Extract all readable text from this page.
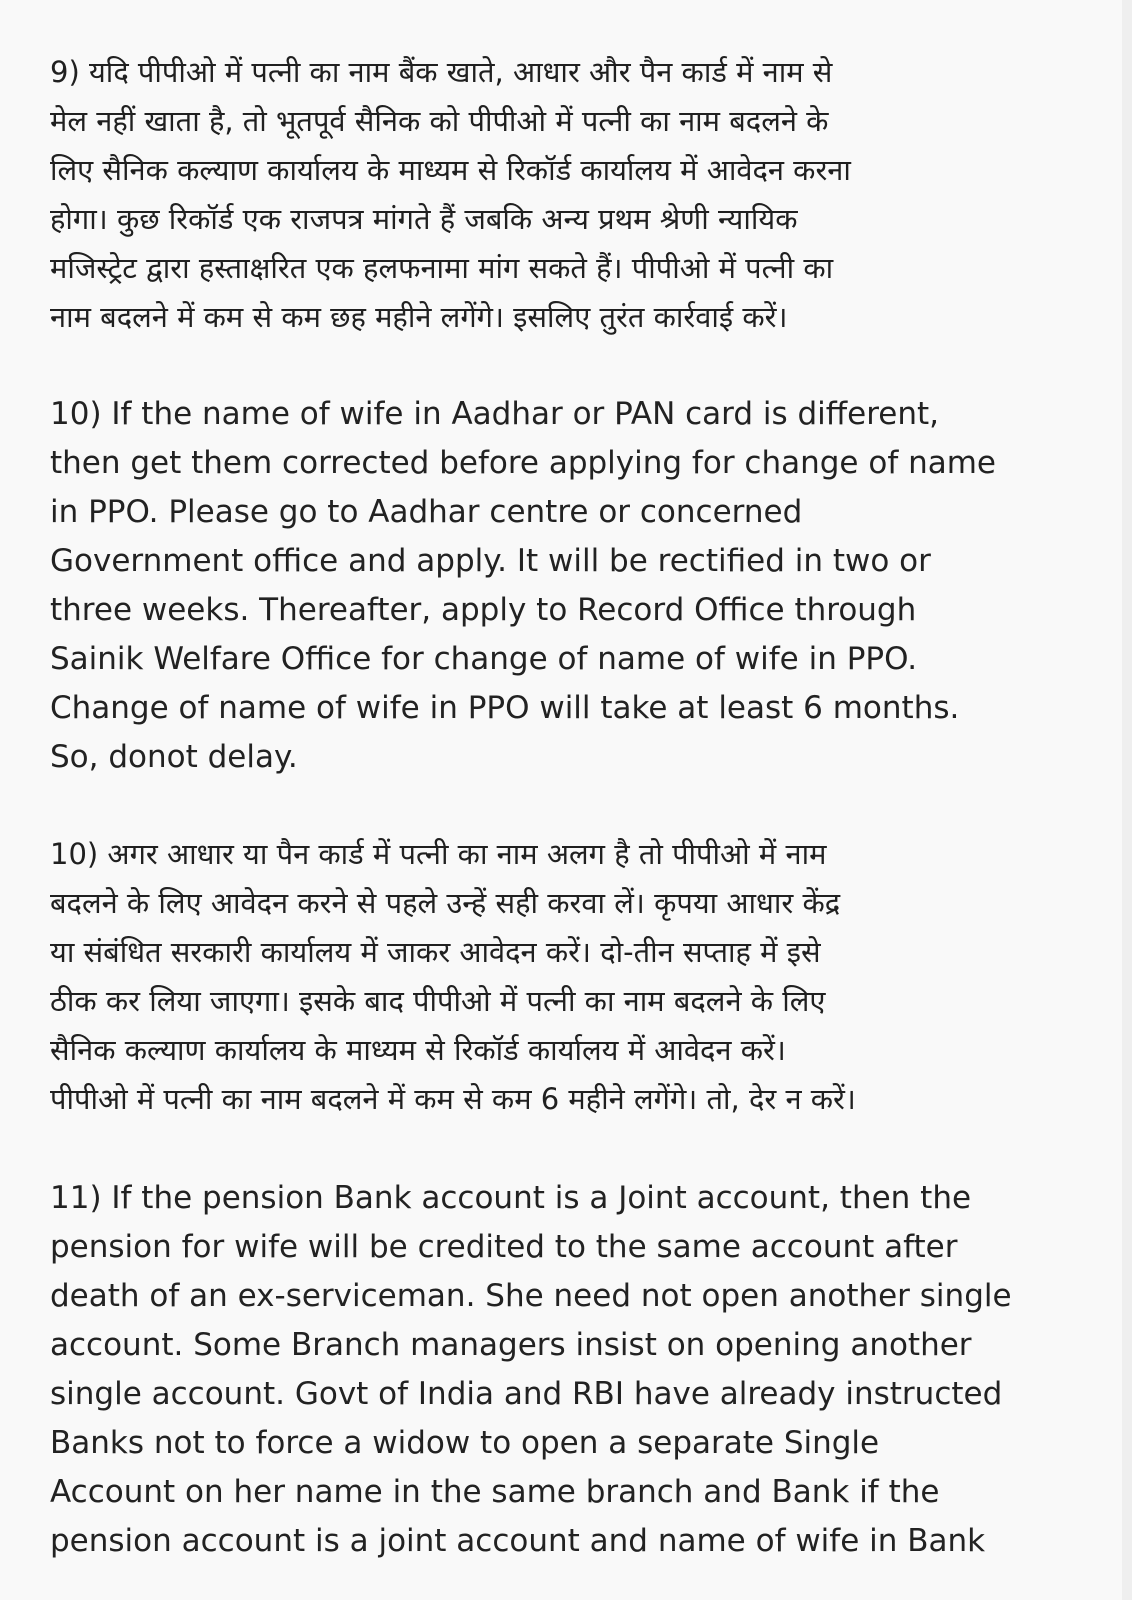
9) यदि पीपीओ में पत्नी का नाम बैंक खाते, आधार और पैन कार्ड में नाम से
मेल नहीं खाता है, तो भूतपूर्व सैनिक को पीपीओ में पत्नी का नाम बदलने के
लिए सैनिक कल्याण कार्यालय के माध्यम से रिकॉर्ड कार्यालय में आवेदन करना
होगा। कुछ रिकॉर्ड एक राजपत्र मांगते हैं जबकि अन्य प्रथम श्रेणी न्यायिक
मजिस्ट्रेट द्वारा हस्ताक्षरित एक हलफनामा मांग सकते हैं। पीपीओ में पत्नी का
नाम बदलने में कम से कम छह महीने लगेंगे। इसलिए तुरंत कार्रवाई करें।
10) If the name of wife in Aadhar or PAN card is different,
then get them corrected before applying for change of name
in PPO. Please go to Aadhar centre or concerned
Government office and apply. It will be rectified in two or
three weeks. Thereafter, apply to Record Office through
Sainik Welfare Office for change of name of wife in PPO.
Change of name of wife in PPO will take at least 6 months.
So, donot delay.
10) अगर आधार या पैन कार्ड में पत्नी का नाम अलग है तो पीपीओ में नाम
बदलने के लिए आवेदन करने से पहले उन्हें सही करवा लें। कृपया आधार केंद्र
या संबंधित सरकारी कार्यालय में जाकर आवेदन करें। दो-तीन सप्ताह में इसे
ठीक कर लिया जाएगा। इसके बाद पीपीओ में पत्नी का नाम बदलने के लिए
सैनिक कल्याण कार्यालय के माध्यम से रिकॉर्ड कार्यालय में आवेदन करें।
पीपीओ में पत्नी का नाम बदलने में कम से कम 6 महीने लगेंगे। तो, देर न करें।
11) If the pension Bank account is a Joint account, then the
pension for wife will be credited to the same account after
death of an ex-serviceman. She need not open another single
account. Some Branch managers insist on opening another
single account. Govt of India and RBI have already instructed
Banks not to force a widow to open a separate Single
Account on her name in the same branch and Bank if the
pension account is a joint account and name of wife in Bank
